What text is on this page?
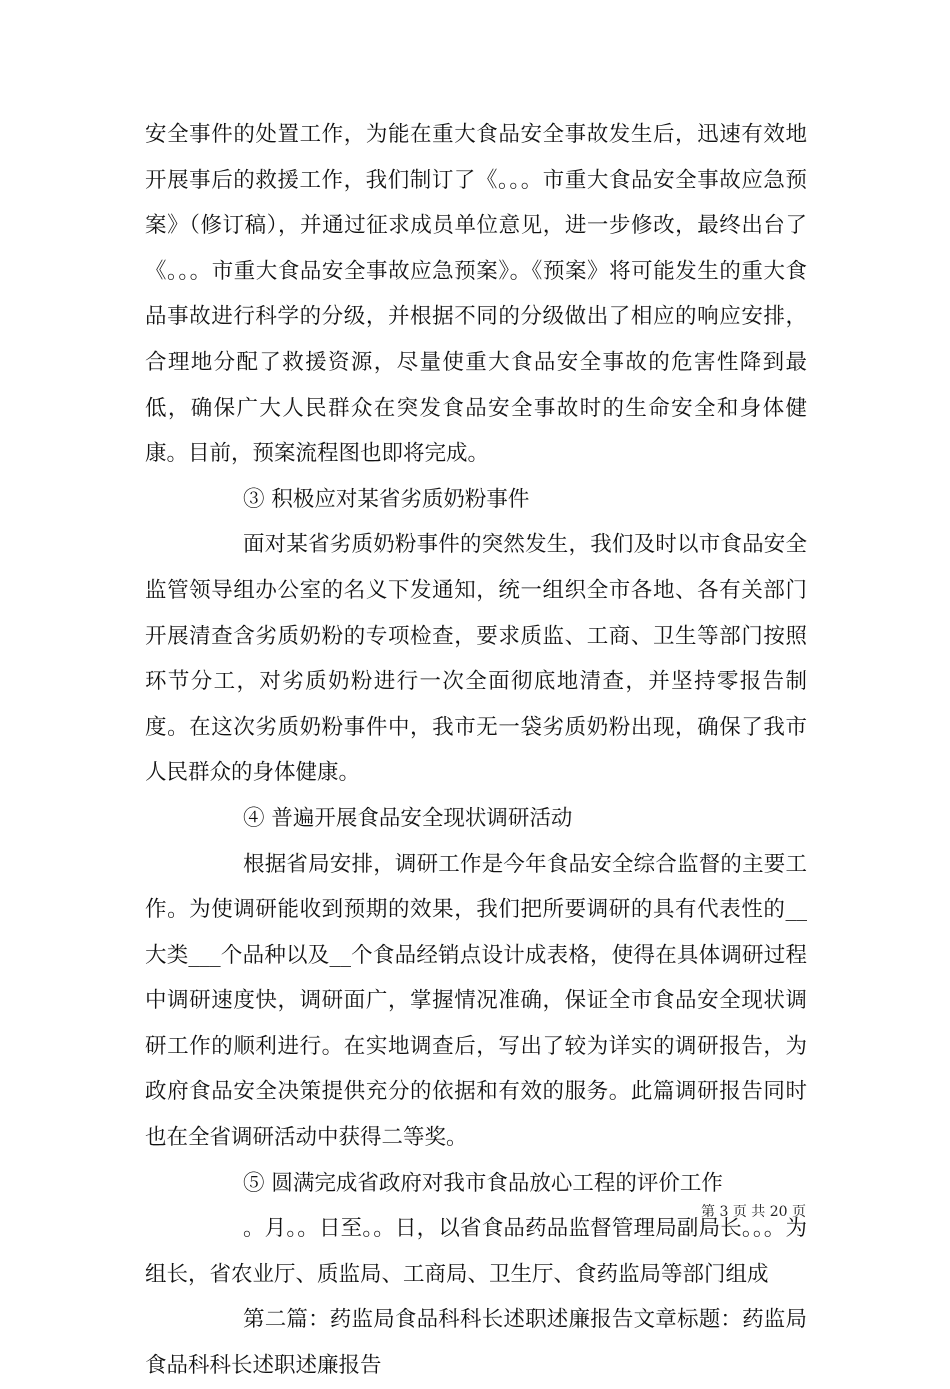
安全事件的处置工作，为能在重大食品安全事故发生后，迅速有效地开展事后的救援工作，我们制订了《。。。市重大食品安全事故应急预案》（修订稿），并通过征求成员单位意见，进一步修改，最终出台了《。。。市重大食品安全事故应急预案》。《预案》将可能发生的重大食品事故进行科学的分级，并根据不同的分级做出了相应的响应安排，合理地分配了救援资源，尽量使重大食品安全事故的危害性降到最低，确保广大人民群众在突发食品安全事故时的生命安全和身体健康。目前，预案流程图也即将完成。

③ 积极应对某省劣质奶粉事件

面对某省劣质奶粉事件的突然发生，我们及时以市食品安全监管领导组办公室的名义下发通知，统一组织全市各地、各有关部门开展清查含劣质奶粉的专项检查，要求质监、工商、卫生等部门按照环节分工，对劣质奶粉进行一次全面彻底地清查，并坚持零报告制度。在这次劣质奶粉事件中，我市无一袋劣质奶粉出现，确保了我市人民群众的身体健康。

④ 普遍开展食品安全现状调研活动

根据省局安排，调研工作是今年食品安全综合监督的主要工作。为使调研能收到预期的效果，我们把所要调研的具有代表性的__大类___个品种以及__个食品经销点设计成表格，使得在具体调研过程中调研速度快，调研面广，掌握情况准确，保证全市食品安全现状调研工作的顺利进行。在实地调查后，写出了较为详实的调研报告，为政府食品安全决策提供充分的依据和有效的服务。此篇调研报告同时也在全省调研活动中获得二等奖。

⑤ 圆满完成省政府对我市食品放心工程的评价工作

。月。。日至。。日，以省食品药品监督管理局副局长。。。为组长，省农业厅、质监局、工商局、卫生厅、食药监局等部门组成

第二篇：药监局食品科科长述职述廉报告文章标题：药监局食品科科长述职述廉报告

第 3 页 共 20 页
